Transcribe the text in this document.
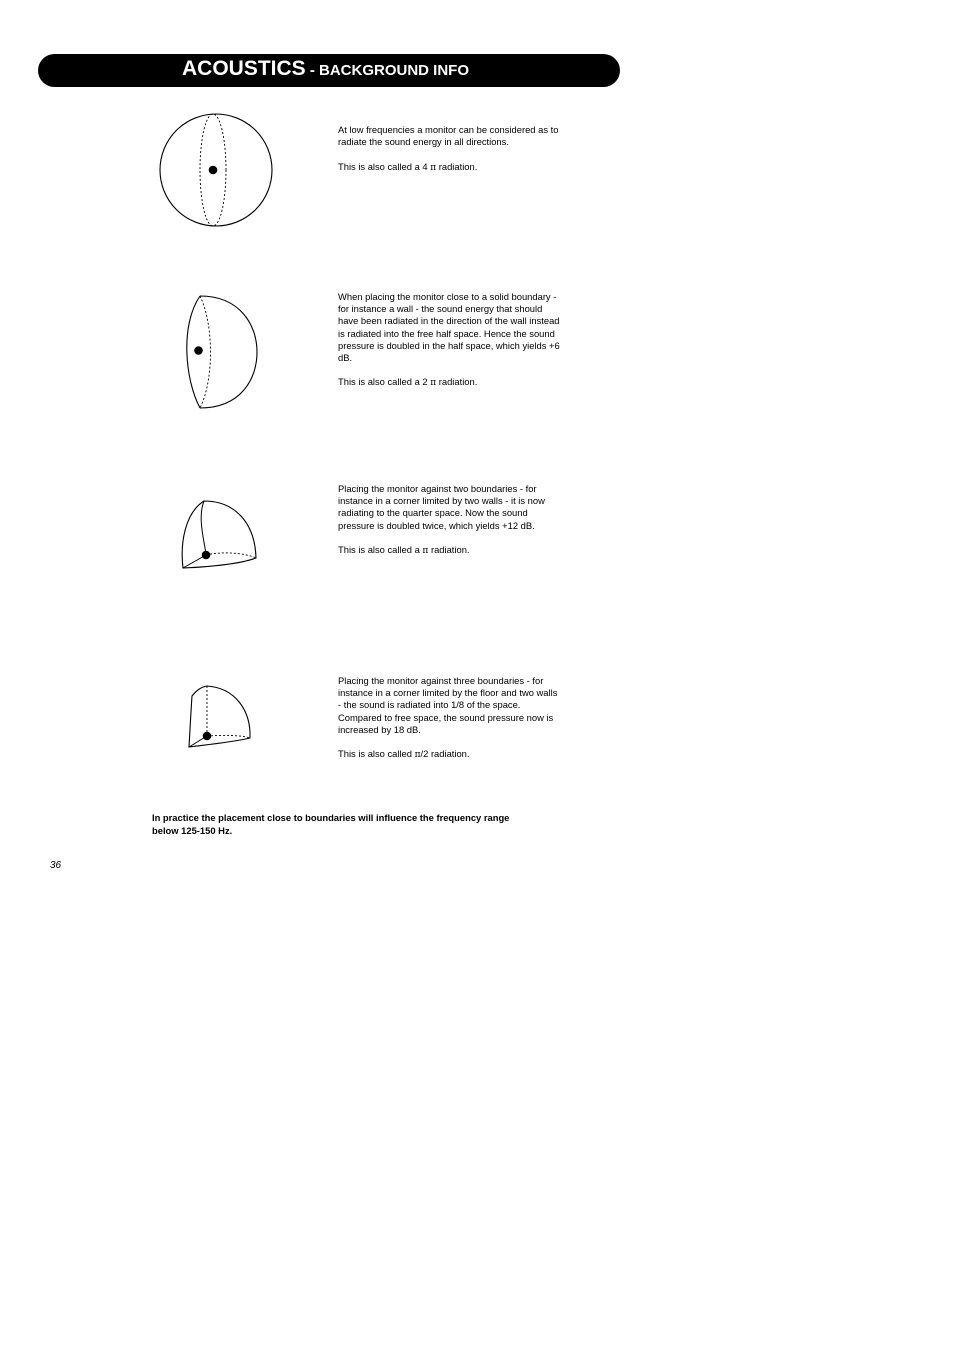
ACOUSTICS - BACKGROUND INFO

At low frequencies a monitor can be considered as to radiate the sound energy in all directions.

This is also called a 4 π radiation.

When placing the monitor close to a solid boundary - for instance a wall - the sound energy that should have been radiated in the direction of the wall instead is radiated into the free half space. Hence the sound pressure is doubled in the half space, which yields +6 dB.

This is also called a 2 π radiation.

Placing the monitor against two boundaries - for instance in a corner limited by two walls - it is now radiating to the quarter space. Now the sound pressure is doubled twice, which yields +12 dB.

This is also called a π radiation.

Placing the monitor against three boundaries - for instance in a corner limited by the floor and two walls - the sound is radiated into 1/8 of the space. Compared to free space, the sound pressure now is increased by 18 dB.

This is also called π/2 radiation.

In practice the placement close to boundaries will influence the frequency range below 125-150 Hz.
36
